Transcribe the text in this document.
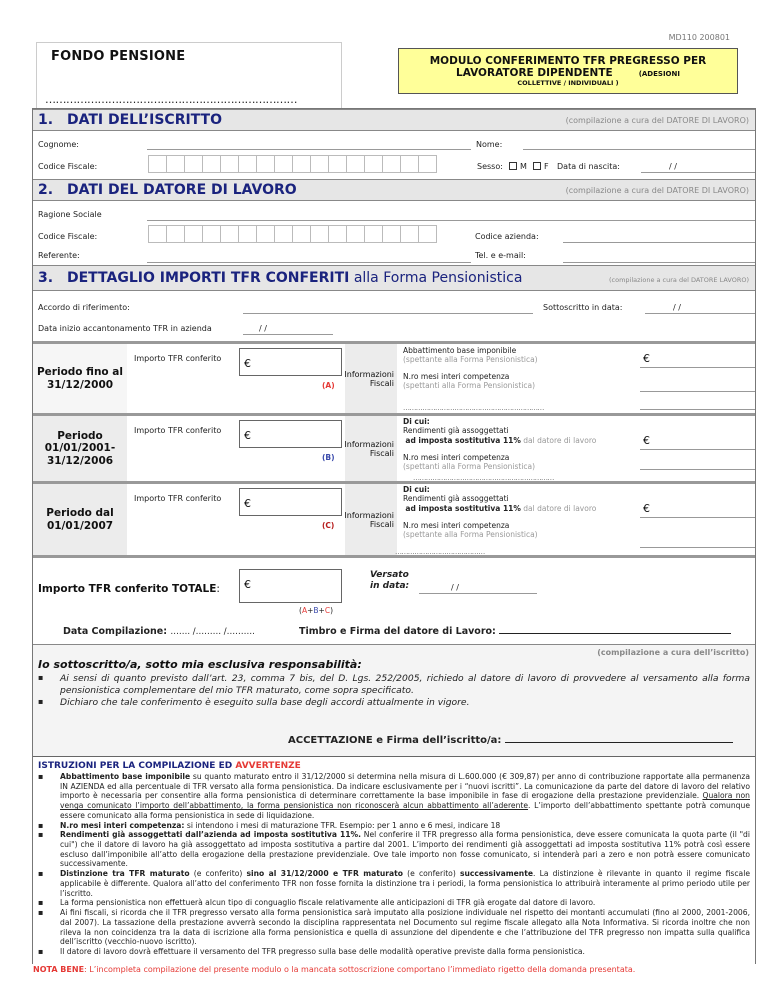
MD110 200801
FONDO PENSIONE
………………………………………………………………
MODULO CONFERIMENTO TFR PREGRESSO PER
LAVORATORE DIPENDENTE	(ADESIONI
COLLETTIVE / INDIVIDUALI )
1. DATI DELL’ISCRITTO	(compilazione a cura del DATORE DI LAVORO)
Cognome:	Nome:
Codice Fiscale:	Sesso:	M	F Data di nascita:	/ /
2. DATI DEL DATORE DI LAVORO	(compilazione a cura del DATORE DI LAVORO)
Ragione Sociale
Codice Fiscale:	Codice azienda:
Referente:	Tel. e e-mail:
3. DETTAGLIO IMPORTI TFR CONFERITI alla Forma Pensionistica	(compilazione a cura del DATORE LAVORO)
Accordo di riferimento:	Sottoscritto in data:	/ /
Data inizio accantonamento TFR in azienda	/ /
Periodo fino al 31/12/2000
Importo TFR conferito	€
(A)
Informazioni Fiscali
Abbattimento base imponibile
(spettante alla Forma Pensionistica)
N.ro mesi interi competenza
(spettanti alla Forma Pensionistica)
€
…………………………………………………………
Periodo 01/01/2001- 31/12/2006
Importo TFR conferito	€
(B)
Informazioni Fiscali
Di cui:
Rendimenti già assoggettati
ad imposta sostitutiva 11% dal datore di lavoro
N.ro mesi interi competenza
(spettanti alla Forma Pensionistica)
€
…………………………………………………………
Periodo dal 01/01/2007
Importo TFR conferito	€
(C)
Informazioni Fiscali
Di cui:
Rendimenti già assoggettati
ad imposta sostitutiva 11% dal datore di lavoro
N.ro mesi interi competenza
(spettante alla Forma Pensionistica)
€
……………………………………
Importo TFR conferito TOTALE:	€
(A+B+C)
Versato
in data:	/ /
Data Compilazione: ……. /……… /……….	Timbro e Firma del datore di Lavoro:
(compilazione a cura dell’iscritto)
Io sottoscritto/a, sotto mia esclusiva responsabilità:
▪ Ai sensi di quanto previsto dall’art. 23, comma 7 bis, del D. Lgs. 252/2005, richiedo al datore di lavoro di provvedere al versamento alla forma pensionistica complementare del mio TFR maturato, come sopra specificato.
▪ Dichiaro che tale conferimento è eseguito sulla base degli accordi attualmente in vigore.
ACCETTAZIONE e Firma dell’iscritto/a:
ISTRUZIONI PER LA COMPILAZIONE ED AVVERTENZE
▪ Abbattimento base imponibile su quanto maturato entro il 31/12/2000 si determina nella misura di L.600.000 (€ 309,87) per anno di contribuzione rapportate alla permanenza IN AZIENDA ed alla percentuale di TFR versato alla forma pensionistica. Da indicare esclusivamente per i “nuovi iscritti”. La comunicazione da parte del datore di lavoro del relativo importo è necessaria per consentire alla forma pensionistica di determinare correttamente la base imponibile in fase di erogazione della prestazione previdenziale. Qualora non venga comunicato l’importo dell’abbattimento, la forma pensionistica non riconoscerà alcun abbattimento all’aderente. L’importo dell’abbattimento spettante potrà comunque essere comunicato alla forma pensionistica in sede di liquidazione.
▪ N.ro mesi interi competenza: si intendono i mesi di maturazione TFR. Esempio: per 1 anno e 6 mesi, indicare 18
▪ Rendimenti già assoggettati dall’azienda ad imposta sostitutiva 11%. Nel conferire il TFR pregresso alla forma pensionistica, deve essere comunicata la quota parte (il "di cui") che il datore di lavoro ha già assoggettato ad imposta sostitutiva a partire dal 2001. L’importo dei rendimenti già assoggettati ad imposta sostitutiva 11% potrà così essere escluso dall’imponibile all’atto della erogazione della prestazione previdenziale. Ove tale importo non fosse comunicato, si intenderà pari a zero e non potrà essere comunicato successivamente.
▪ Distinzione tra TFR maturato (e conferito) sino al 31/12/2000 e TFR maturato (e conferito) successivamente. La distinzione è rilevante in quanto il regime fiscale applicabile è differente. Qualora all’atto del conferimento TFR non fosse fornita la distinzione tra i periodi, la forma pensionistica lo attribuirà interamente al primo periodo utile per l’iscritto.
▪ La forma pensionistica non effettuerà alcun tipo di conguaglio fiscale relativamente alle anticipazioni di TFR già erogate dal datore di lavoro.
▪ Ai fini fiscali, si ricorda che il TFR pregresso versato alla forma pensionistica sarà imputato alla posizione individuale nel rispetto dei montanti accumulati (fino al 2000, 2001-2006, dal 2007). La tassazione della prestazione avverrà secondo la disciplina rappresentata nel Documento sul regime fiscale allegato alla Nota Informativa. Si ricorda inoltre che non rileva la non coincidenza tra la data di iscrizione alla forma pensionistica e quella di assunzione del dipendente e che l’attribuzione del TFR pregresso non impatta sulla qualifica dell’iscritto (vecchio-nuovo iscritto).
▪ Il datore di lavoro dovrà effettuare il versamento del TFR pregresso sulla base delle modalità operative previste dalla forma pensionistica.
NOTA BENE: L’incompleta compilazione del presente modulo o la mancata sottoscrizione comportano l’immediato rigetto della domanda presentata.
